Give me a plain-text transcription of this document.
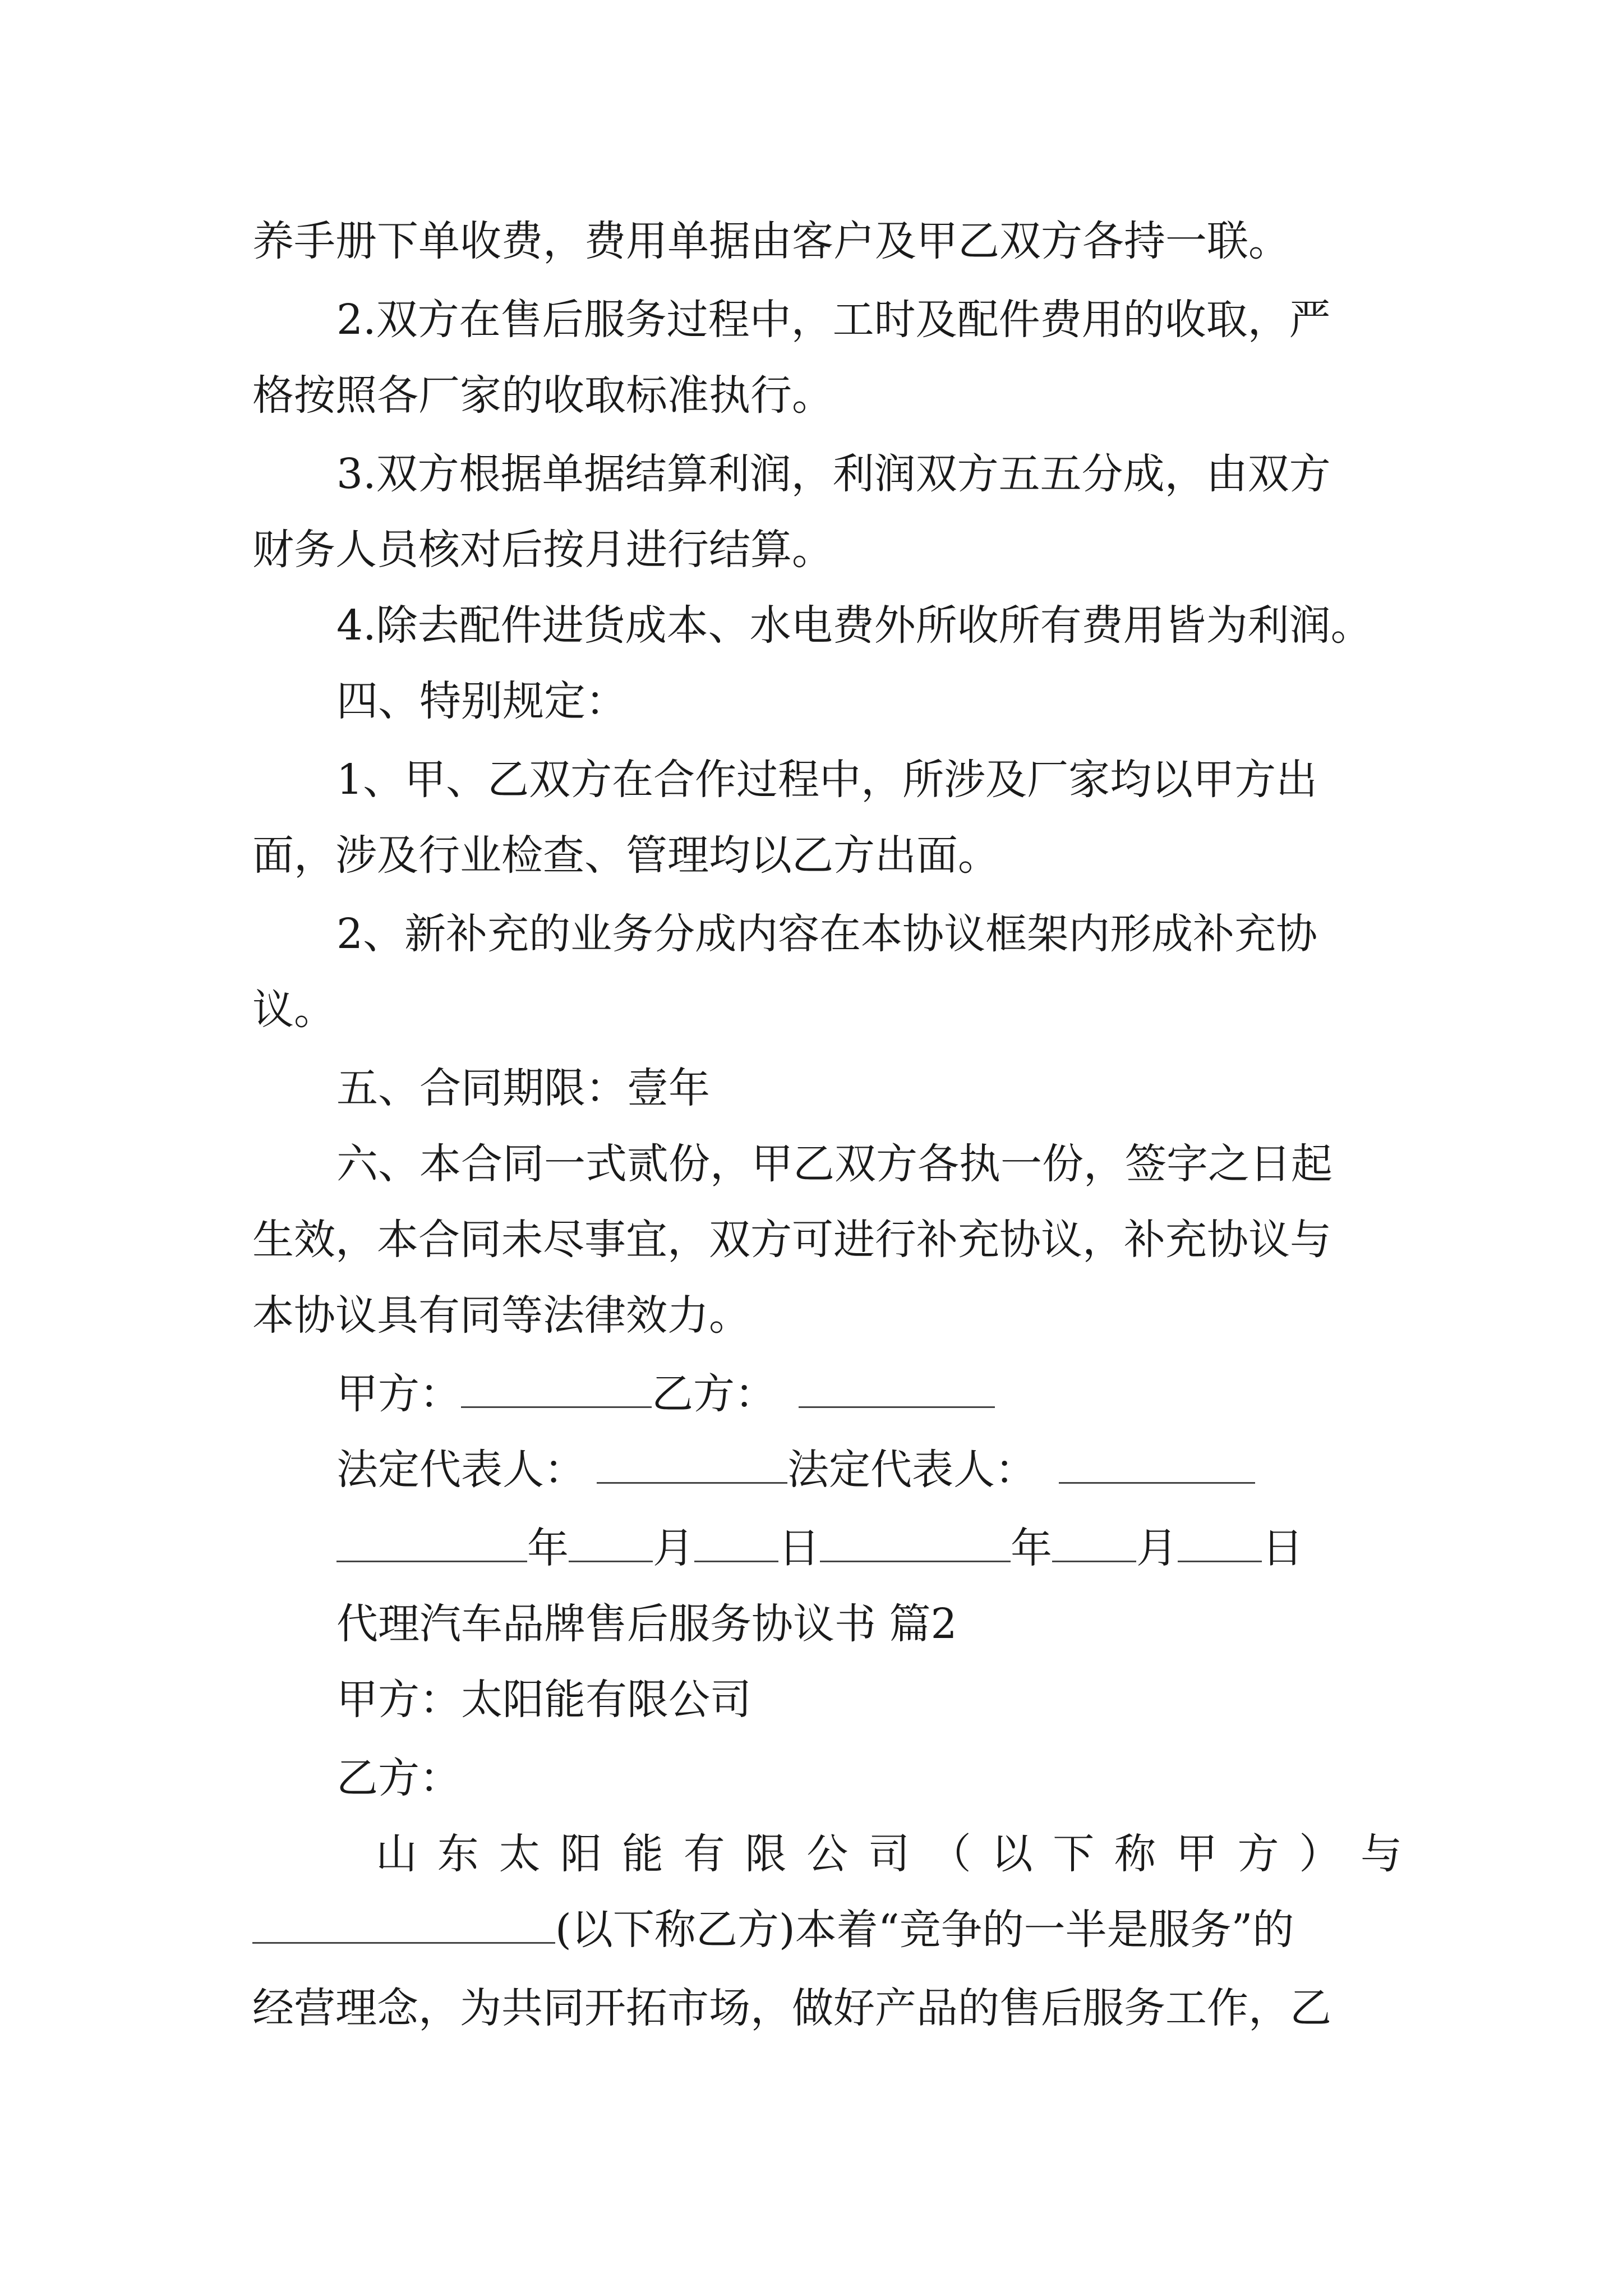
养手册下单收费，费用单据由客户及甲乙双方各持一联。
2.双方在售后服务过程中，工时及配件费用的收取，严
格按照各厂家的收取标准执行。
3.双方根据单据结算利润，利润双方五五分成，由双方
财务人员核对后按月进行结算。
4.除去配件进货成本、水电费外所收所有费用皆为利润。
四、特别规定：
1、甲、乙双方在合作过程中，所涉及厂家均以甲方出
面，涉及行业检查、管理均以乙方出面。
2、新补充的业务分成内容在本协议框架内形成补充协
议。
五、合同期限：壹年
六、本合同一式贰份，甲乙双方各执一份，签字之日起
生效，本合同未尽事宜，双方可进行补充协议，补充协议与
本协议具有同等法律效力。
甲方：	乙方：
法定代表人：	法定代表人：
年 月 日	年 月 日
代理汽车品牌售后服务协议书 篇2
甲方：太阳能有限公司
乙方：
山 东 太 阳 能 有 限 公 司 （ 以 下 称 甲 方 ） 与
(以下称乙方)本着“竞争的一半是服务”的
经营理念，为共同开拓市场，做好产品的售后服务工作，乙
